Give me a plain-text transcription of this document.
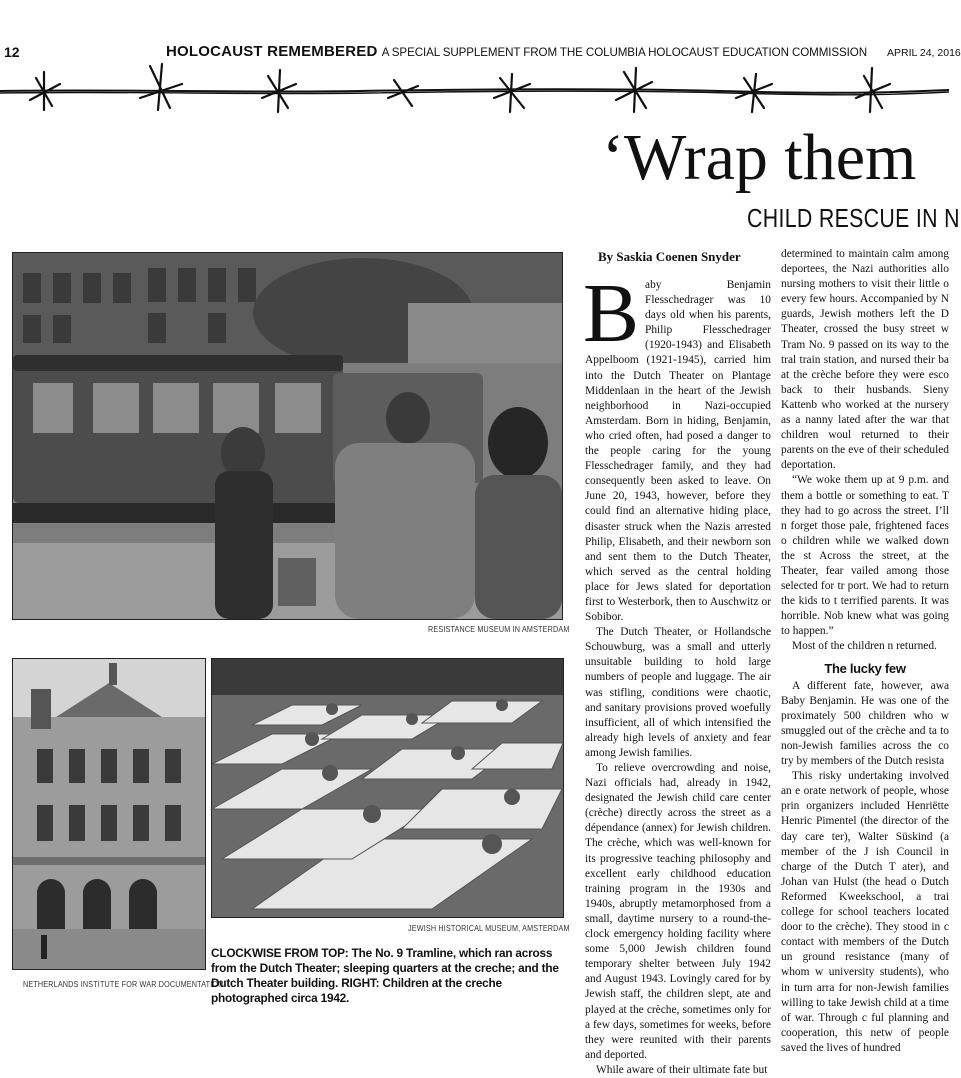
12	HOLOCAUST REMEMBERED A SPECIAL SUPPLEMENT FROM THE COLUMBIA HOLOCAUST EDUCATION COMMISSION APRIL 24, 2016
‘Wrap them
CHILD RESCUE IN N
RESISTANCE MUSEUM IN AMSTERDAM
NETHERLANDS INSTITUTE FOR WAR DOCUMENTATION
JEWISH HISTORICAL MUSEUM, AMSTERDAM
CLOCKWISE FROM TOP: The No. 9 Tramline, which ran across from the Dutch Theater; sleeping quarters at the creche; and the Dutch Theater building. RIGHT: Children at the creche photographed circa 1942.
By Saskia Coenen Snyder

Baby Benjamin Flesschedrager was 10 days old when his parents, Philip Flesschedrager (1920-1943) and Elisabeth Appelboom (1921-1945), carried him into the Dutch Theater on Plantage Middenlaan in the heart of the Jewish neighborhood in Nazi-occupied Amsterdam. Born in hiding, Benjamin, who cried often, had posed a danger to the people caring for the young Flesschedrager family, and they had consequently been asked to leave. On June 20, 1943, however, before they could find an alternative hiding place, disaster struck when the Nazis arrested Philip, Elisabeth, and their newborn son and sent them to the Dutch Theater, which served as the central holding place for Jews slated for deportation first to Westerbork, then to Auschwitz or Sobibor.

The Dutch Theater, or Hollandsche Schouwburg, was a small and utterly unsuitable building to hold large numbers of people and luggage. The air was stifling, conditions were chaotic, and sanitary provisions proved woefully insufficient, all of which intensified the already high levels of anxiety and fear among Jewish families.

To relieve overcrowding and noise, Nazi officials had, already in 1942, designated the Jewish child care center (crèche) directly across the street as a dépendance (annex) for Jewish children. The crèche, which was well-known for its progressive teaching philosophy and excellent early childhood education training program in the 1930s and 1940s, abruptly metamorphosed from a small, daytime nursery to a round-the-clock emergency holding facility where some 5,000 Jewish children found temporary shelter between July 1942 and August 1943. Lovingly cared for by Jewish staff, the children slept, ate and played at the crèche, sometimes only for a few days, sometimes for weeks, before they were reunited with their parents and deported.

While aware of their ultimate fate but

determined to maintain calm among deportees, the Nazi authorities allo nursing mothers to visit their little o every few hours. Accompanied by N guards, Jewish mothers left the D Theater, crossed the busy street w Tram No. 9 passed on its way to the tral train station, and nursed their ba at the crèche before they were esco back to their husbands. Sieny Kattenb who worked at the nursery as a nanny lated after the war that children woul returned to their parents on the eve of their scheduled deportation.

“We woke them up at 9 p.m. and them a bottle or something to eat. T they had to go across the street. I’ll n forget those pale, frightened faces o children while we walked down the st Across the street, at the Theater, fear vailed among those selected for tr port. We had to return the kids to t terrified parents. It was horrible. Nob knew what was going to happen.”

Most of the children n returned.

The lucky few

A different fate, however, awa Baby Benjamin. He was one of the proximately 500 children who w smuggled out of the crèche and ta to non-Jewish families across the co try by members of the Dutch resista

This risky undertaking involved an e orate network of people, whose prin organizers included Henriëtte Henric Pimentel (the director of the day care ter), Walter Süskind (a member of the J ish Council in charge of the Dutch T ater), and Johan van Hulst (the head o Dutch Reformed Kweekschool, a trai college for school teachers located door to the crèche). They stood in c contact with members of the Dutch un ground resistance (many of whom w university students), who in turn arra for non-Jewish families willing to take Jewish child at a time of war. Through c ful planning and cooperation, this netw of people saved the lives of hundred
